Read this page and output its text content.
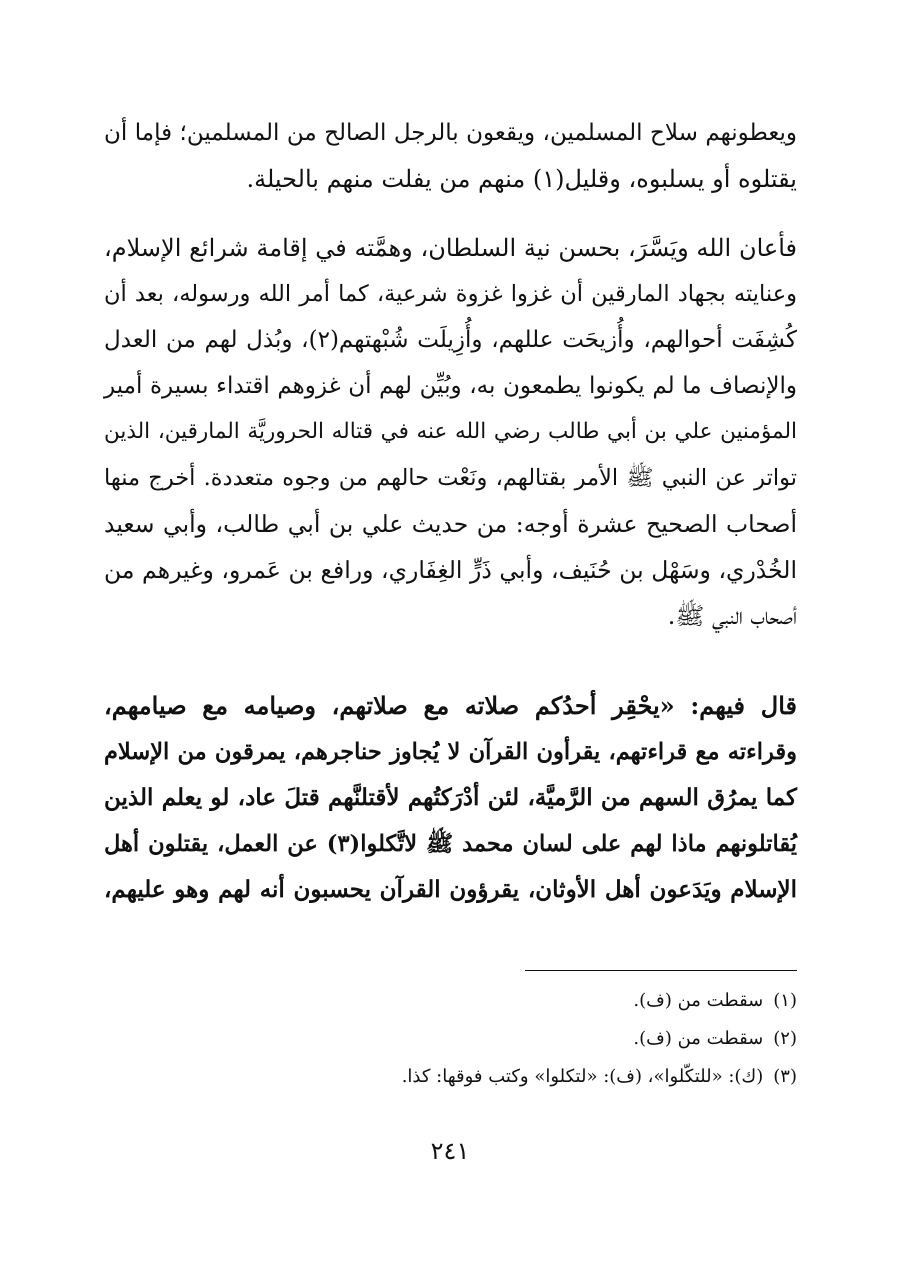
ويعطونهم سلاح المسلمين، ويقعون بالرجل الصالح من المسلمين؛ فإما أن
يقتلوه أو يسلبوه، وقليل(١) منهم من يفلت منهم بالحيلة.
فأعان الله ويَسَّرَ، بحسن نية السلطان، وهمَّته في إقامة شرائع الإسلام،
وعنايته بجهاد المارقين أن غزوا غزوة شرعية، كما أمر الله ورسوله، بعد أن
كُشِفَت أحوالهم، وأُزيحَت عللهم، وأُزِيلَت شُبْهتهم(٢)، وبُذل لهم من العدل
والإنصاف ما لم يكونوا يطمعون به، وبُيِّن لهم أن غزوهم اقتداء بسيرة أمير
المؤمنين علي بن أبي طالب رضي الله عنه في قتاله الحروريَّة المارقين، الذين
تواتر عن النبي ﷺ الأمر بقتالهم، ونَعْت حالهم من وجوه متعددة. أخرج منها
أصحاب الصحيح عشرة أوجه: من حديث علي بن أبي طالب، وأبي سعيد
الخُدْري، وسَهْل بن حُنَيف، وأبي ذَرٍّ الغِفَاري، ورافع بن عَمرو، وغيرهم من
أصحاب النبي ﷺ.
قال فيهم: «يحْقِر أحدُكم صلاته مع صلاتهم، وصيامه مع صيامهم،
وقراءته مع قراءتهم، يقرأون القرآن لا يُجاوز حناجرهم، يمرقون من الإسلام
كما يمرُق السهم من الرَّميَّة، لئن أدْرَكتُهم لأقتلنَّهم قتلَ عاد، لو يعلم الذين
يُقاتلونهم ماذا لهم على لسان محمد ﷺ لاتَّكلوا(٣) عن العمل، يقتلون أهل
الإسلام ويَدَعون أهل الأوثان، يقرؤون القرآن يحسبون أنه لهم وهو عليهم،
(١)سقطت من (ف).
(٢)سقطت من (ف).
(٣)(ك): «للتكّلوا»، (ف): «لتكلوا» وكتب فوقها: كذا.
٢٤١
